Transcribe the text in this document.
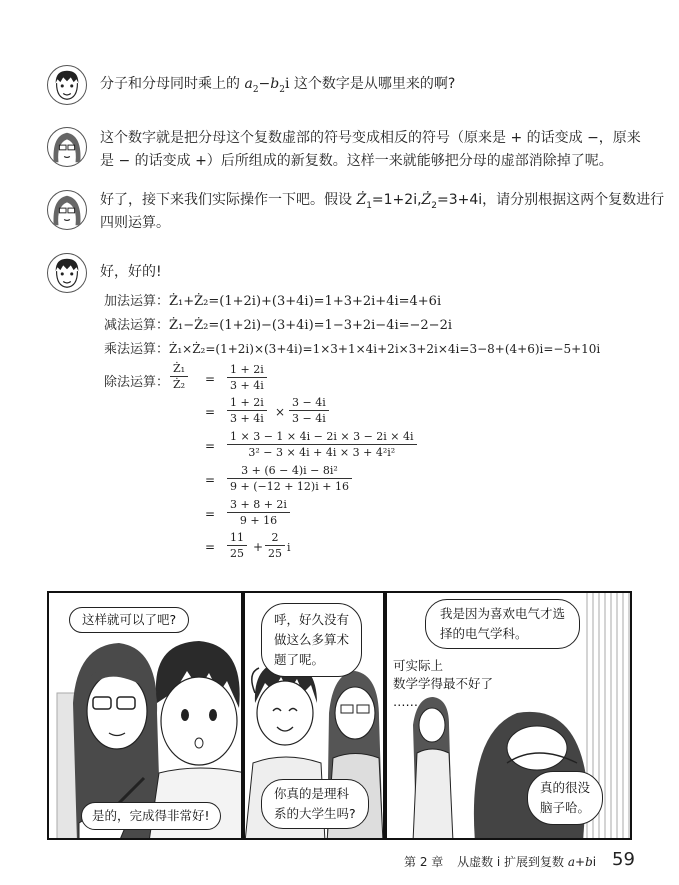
分子和分母同时乘上的 $a_2-b_2i$ 这个数字是从哪里来的啊?
这个数字就是把分母这个复数虚部的符号变成相反的符号（原来是 + 的话变成 −，原来
是 − 的话变成 +）后所组成的新复数。这样一来就能够把分母的虚部消除掉了呢。
好了，接下来我们实际操作一下吧。假设 $Ż_1=1+2i,Ż_2=3+4i$，请分别根据这两个复数进行
四则运算。
好，好的!
加法运算：Ż₁+Ż₂=(1+2i)+(3+4i)=1+3+2i+4i=4+6i
减法运算：Ż₁−Ż₂=(1+2i)−(3+4i)=1−3+2i−4i=−2−2i
乘法运算：Ż₁×Ż₂=(1+2i)×(3+4i)=1×3+1×4i+2i×3+2i×4i=3−8+(4+6)i=−5+10i
除法运算： $\frac{\text{Ż₁}}{\text{Ż₂}} = \frac{1 + 2i}{3 + 4i}$
= $\frac{1 + 2i}{3 + 4i} \times \frac{3 - 4i}{3 - 4i}$
= $\frac{1 \times 3 - 1 \times 4i - 2i \times 3 - 2i \times 4i}{\text{3² − 3 × 4i + 4i × 3 + 4²i²}}$
= $\frac{\text{3 + (6 − 4)i − 8i²}}{9 + (-12 + 12)i + 16}$
= $\frac{3 + 8 + 2i}{9 + 16}$
= $\frac{11}{25} + \frac{2}{25}$ i
这样就可以了吧?
是的，完成得非常好!
呼，好久没有
做这么多算术
题了呢。
你真的是理科
系的大学生吗?
我是因为喜欢电气才选
择的电气学科。
可实际上
数学学得最不好了
……
真的很没
脑子哈。
第 2 章 从虚数 i 扩展到复数 a+bi 59
